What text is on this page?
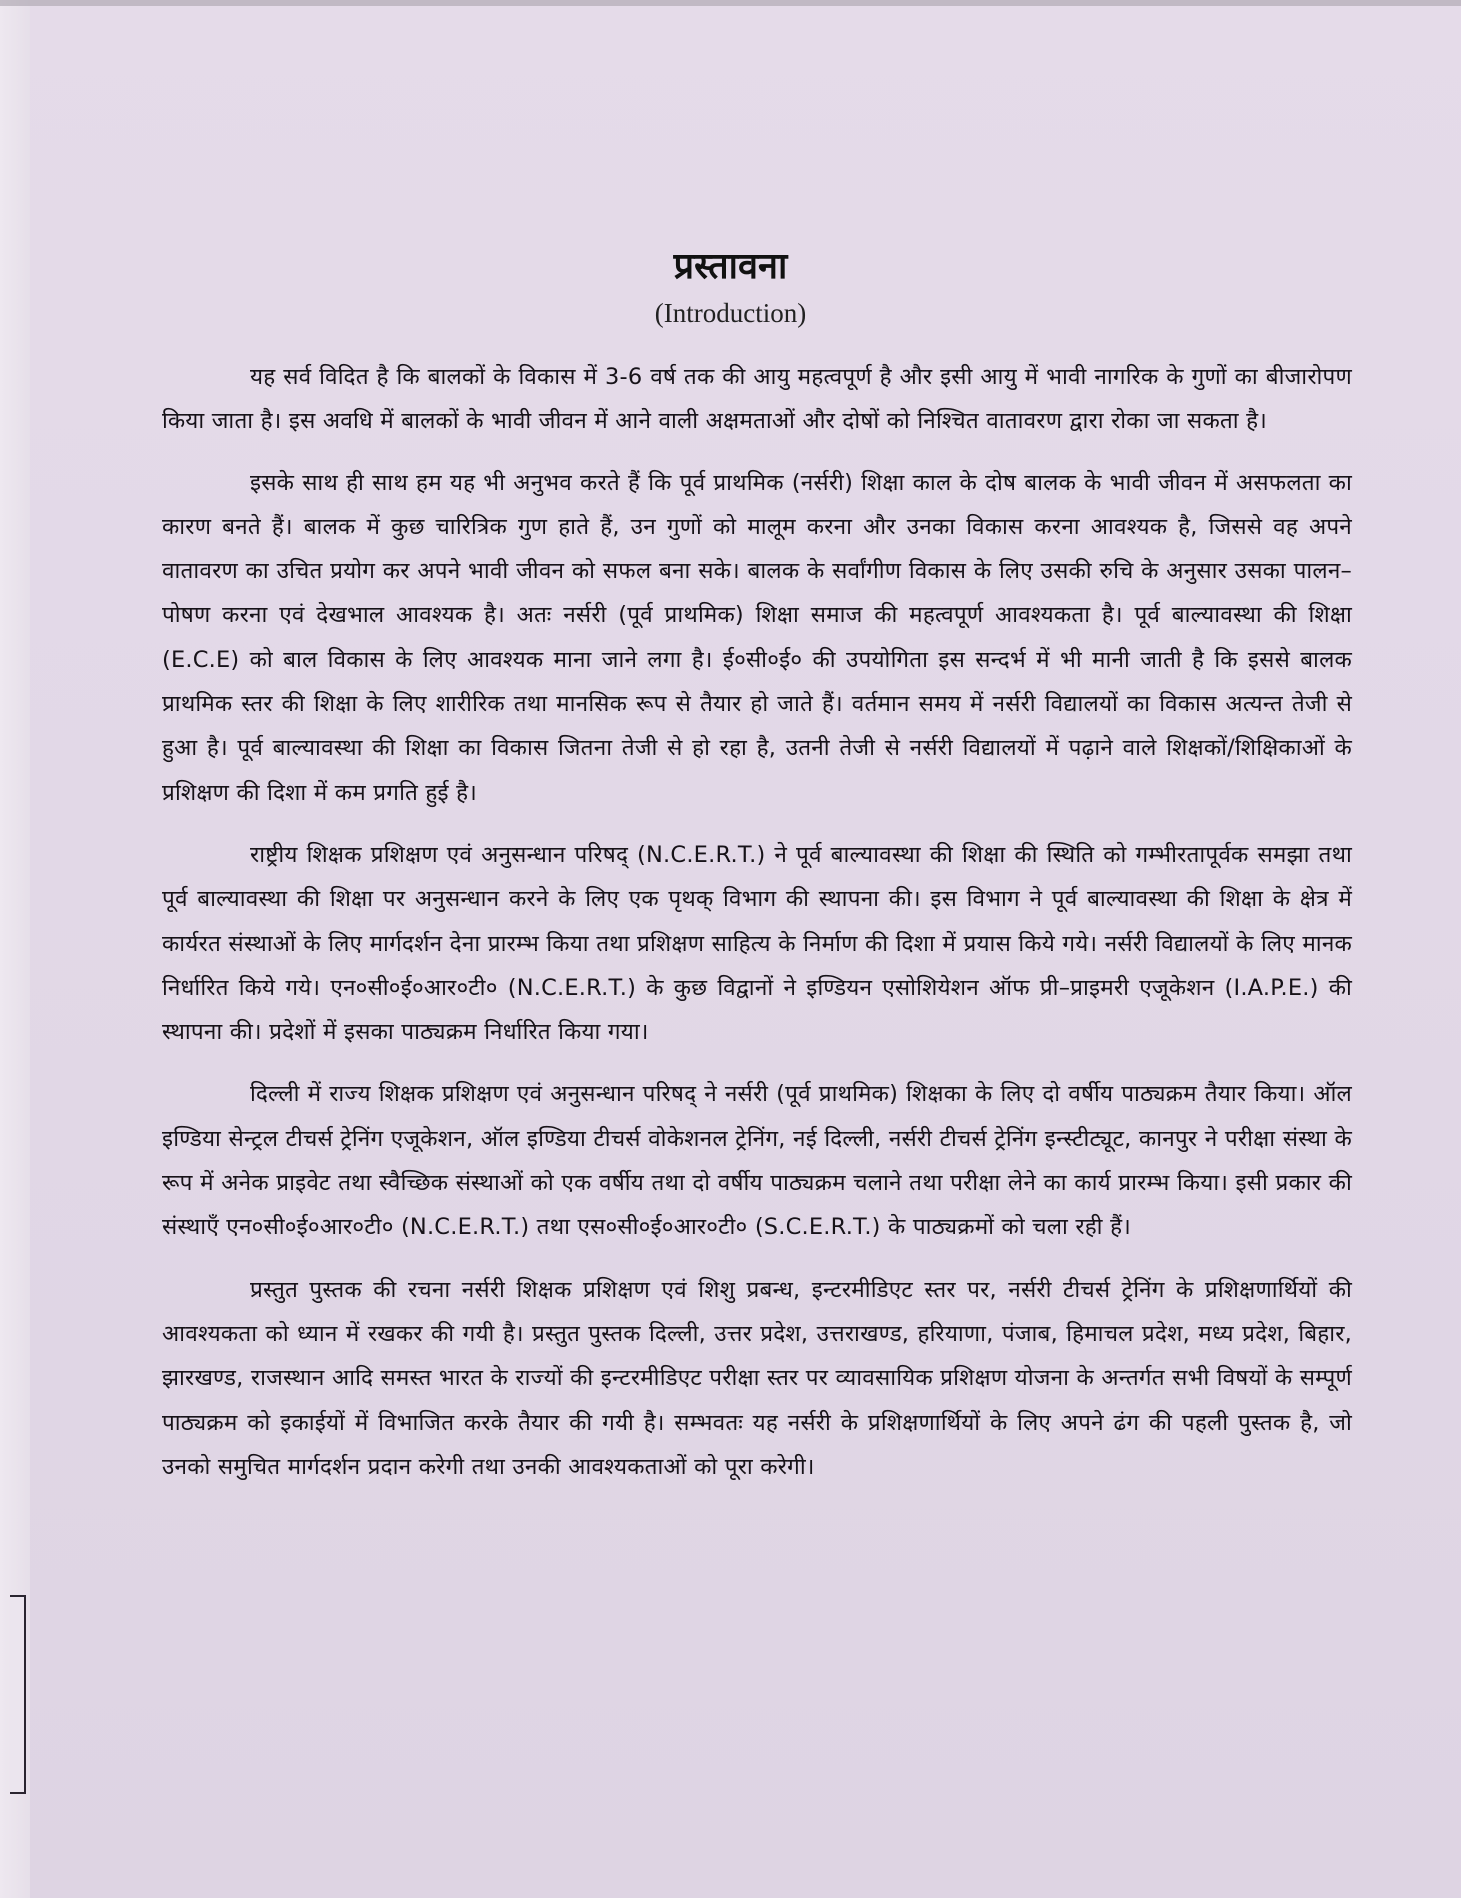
प्रस्तावना
(Introduction)

यह सर्व विदित है कि बालकों के विकास में 3-6 वर्ष तक की आयु महत्वपूर्ण है और इसी आयु में भावी नागरिक के गुणों का बीजारोपण किया जाता है। इस अवधि में बालकों के भावी जीवन में आने वाली अक्षमताओं और दोषों को निश्चित वातावरण द्वारा रोका जा सकता है।

इसके साथ ही साथ हम यह भी अनुभव करते हैं कि पूर्व प्राथमिक (नर्सरी) शिक्षा काल के दोष बालक के भावी जीवन में असफलता का कारण बनते हैं। बालक में कुछ चारित्रिक गुण हाते हैं, उन गुणों को मालूम करना और उनका विकास करना आवश्यक है, जिससे वह अपने वातावरण का उचित प्रयोग कर अपने भावी जीवन को सफल बना सके। बालक के सर्वांगीण विकास के लिए उसकी रुचि के अनुसार उसका पालन–पोषण करना एवं देखभाल आवश्यक है। अतः नर्सरी (पूर्व प्राथमिक) शिक्षा समाज की महत्वपूर्ण आवश्यकता है। पूर्व बाल्यावस्था की शिक्षा (E.C.E) को बाल विकास के लिए आवश्यक माना जाने लगा है। ई०सी०ई० की उपयोगिता इस सन्दर्भ में भी मानी जाती है कि इससे बालक प्राथमिक स्तर की शिक्षा के लिए शारीरिक तथा मानसिक रूप से तैयार हो जाते हैं। वर्तमान समय में नर्सरी विद्यालयों का विकास अत्यन्त तेजी से हुआ है। पूर्व बाल्यावस्था की शिक्षा का विकास जितना तेजी से हो रहा है, उतनी तेजी से नर्सरी विद्यालयों में पढ़ाने वाले शिक्षकों/शिक्षिकाओं के प्रशिक्षण की दिशा में कम प्रगति हुई है।

राष्ट्रीय शिक्षक प्रशिक्षण एवं अनुसन्धान परिषद् (N.C.E.R.T.) ने पूर्व बाल्यावस्था की शिक्षा की स्थिति को गम्भीरतापूर्वक समझा तथा पूर्व बाल्यावस्था की शिक्षा पर अनुसन्धान करने के लिए एक पृथक् विभाग की स्थापना की। इस विभाग ने पूर्व बाल्यावस्था की शिक्षा के क्षेत्र में कार्यरत संस्थाओं के लिए मार्गदर्शन देना प्रारम्भ किया तथा प्रशिक्षण साहित्य के निर्माण की दिशा में प्रयास किये गये। नर्सरी विद्यालयों के लिए मानक निर्धारित किये गये। एन०सी०ई०आर०टी० (N.C.E.R.T.) के कुछ विद्वानों ने इण्डियन एसोशियेशन ऑफ प्री–प्राइमरी एजूकेशन (I.A.P.E.) की स्थापना की। प्रदेशों में इसका पाठ्यक्रम निर्धारित किया गया।

दिल्ली में राज्य शिक्षक प्रशिक्षण एवं अनुसन्धान परिषद् ने नर्सरी (पूर्व प्राथमिक) शिक्षका के लिए दो वर्षीय पाठ्यक्रम तैयार किया। ऑल इण्डिया सेन्ट्रल टीचर्स ट्रेनिंग एजूकेशन, ऑल इण्डिया टीचर्स वोकेशनल ट्रेनिंग, नई दिल्ली, नर्सरी टीचर्स ट्रेनिंग इन्स्टीट्यूट, कानपुर ने परीक्षा संस्था के रूप में अनेक प्राइवेट तथा स्वैच्छिक संस्थाओं को एक वर्षीय तथा दो वर्षीय पाठ्यक्रम चलाने तथा परीक्षा लेने का कार्य प्रारम्भ किया। इसी प्रकार की संस्थाएँ एन०सी०ई०आर०टी० (N.C.E.R.T.) तथा एस०सी०ई०आर०टी० (S.C.E.R.T.) के पाठ्यक्रमों को चला रही हैं।

प्रस्तुत पुस्तक की रचना नर्सरी शिक्षक प्रशिक्षण एवं शिशु प्रबन्ध, इन्टरमीडिएट स्तर पर, नर्सरी टीचर्स ट्रेनिंग के प्रशिक्षणार्थियों की आवश्यकता को ध्यान में रखकर की गयी है। प्रस्तुत पुस्तक दिल्ली, उत्तर प्रदेश, उत्तराखण्ड, हरियाणा, पंजाब, हिमाचल प्रदेश, मध्य प्रदेश, बिहार, झारखण्ड, राजस्थान आदि समस्त भारत के राज्यों की इन्टरमीडिएट परीक्षा स्तर पर व्यावसायिक प्रशिक्षण योजना के अन्तर्गत सभी विषयों के सम्पूर्ण पाठ्यक्रम को इकाईयों में विभाजित करके तैयार की गयी है। सम्भवतः यह नर्सरी के प्रशिक्षणार्थियों के लिए अपने ढंग की पहली पुस्तक है, जो उनको समुचित मार्गदर्शन प्रदान करेगी तथा उनकी आवश्यकताओं को पूरा करेगी।
